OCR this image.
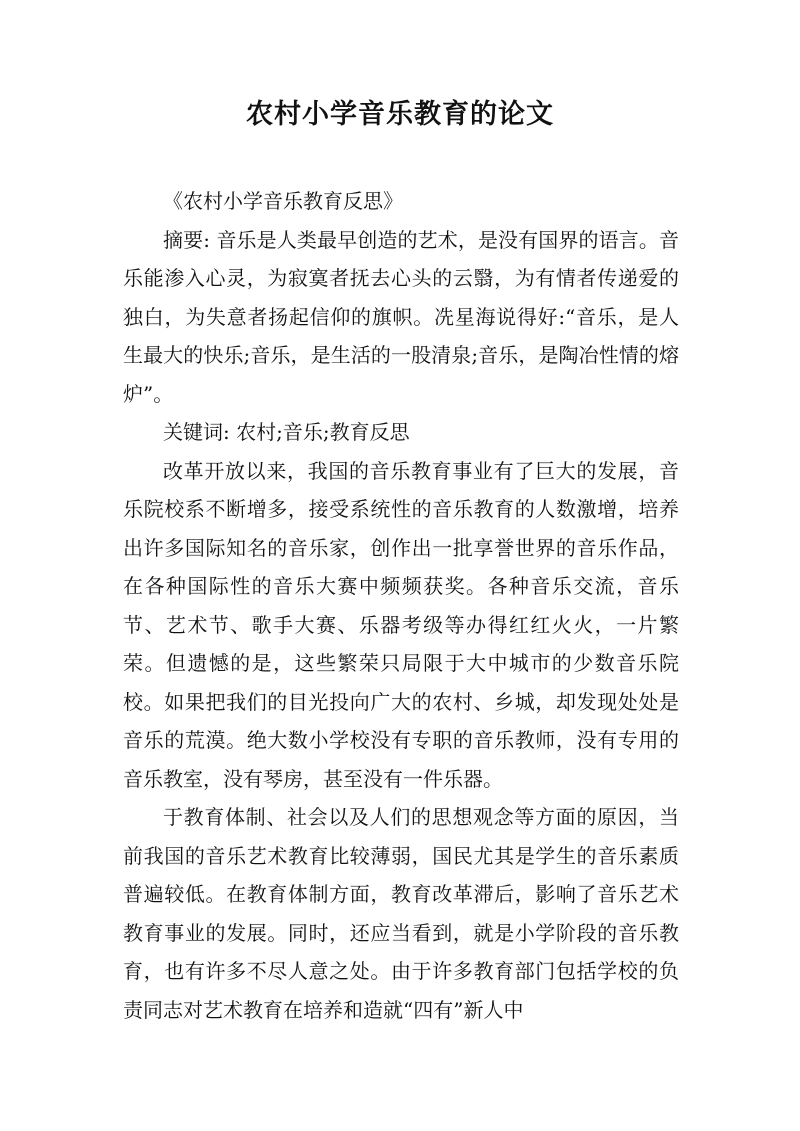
农村小学音乐教育的论文

《农村小学音乐教育反思》

摘要: 音乐是人类最早创造的艺术，是没有国界的语言。音乐能渗入心灵，为寂寞者抚去心头的云翳，为有情者传递爱的独白，为失意者扬起信仰的旗帜。冼星海说得好:“音乐，是人生最大的快乐;音乐，是生活的一股清泉;音乐，是陶冶性情的熔炉”。

关键词: 农村;音乐;教育反思

改革开放以来，我国的音乐教育事业有了巨大的发展，音乐院校系不断增多，接受系统性的音乐教育的人数激增，培养出许多国际知名的音乐家，创作出一批享誉世界的音乐作品，在各种国际性的音乐大赛中频频获奖。各种音乐交流，音乐节、艺术节、歌手大赛、乐器考级等办得红红火火，一片繁荣。但遗憾的是，这些繁荣只局限于大中城市的少数音乐院校。如果把我们的目光投向广大的农村、乡城，却发现处处是音乐的荒漠。绝大数小学校没有专职的音乐教师，没有专用的音乐教室，没有琴房，甚至没有一件乐器。

于教育体制、社会以及人们的思想观念等方面的原因，当前我国的音乐艺术教育比较薄弱，国民尤其是学生的音乐素质普遍较低。在教育体制方面，教育改革滞后，影响了音乐艺术教育事业的发展。同时，还应当看到，就是小学阶段的音乐教育，也有许多不尽人意之处。由于许多教育部门包括学校的负责同志对艺术教育在培养和造就“四有”新人中
